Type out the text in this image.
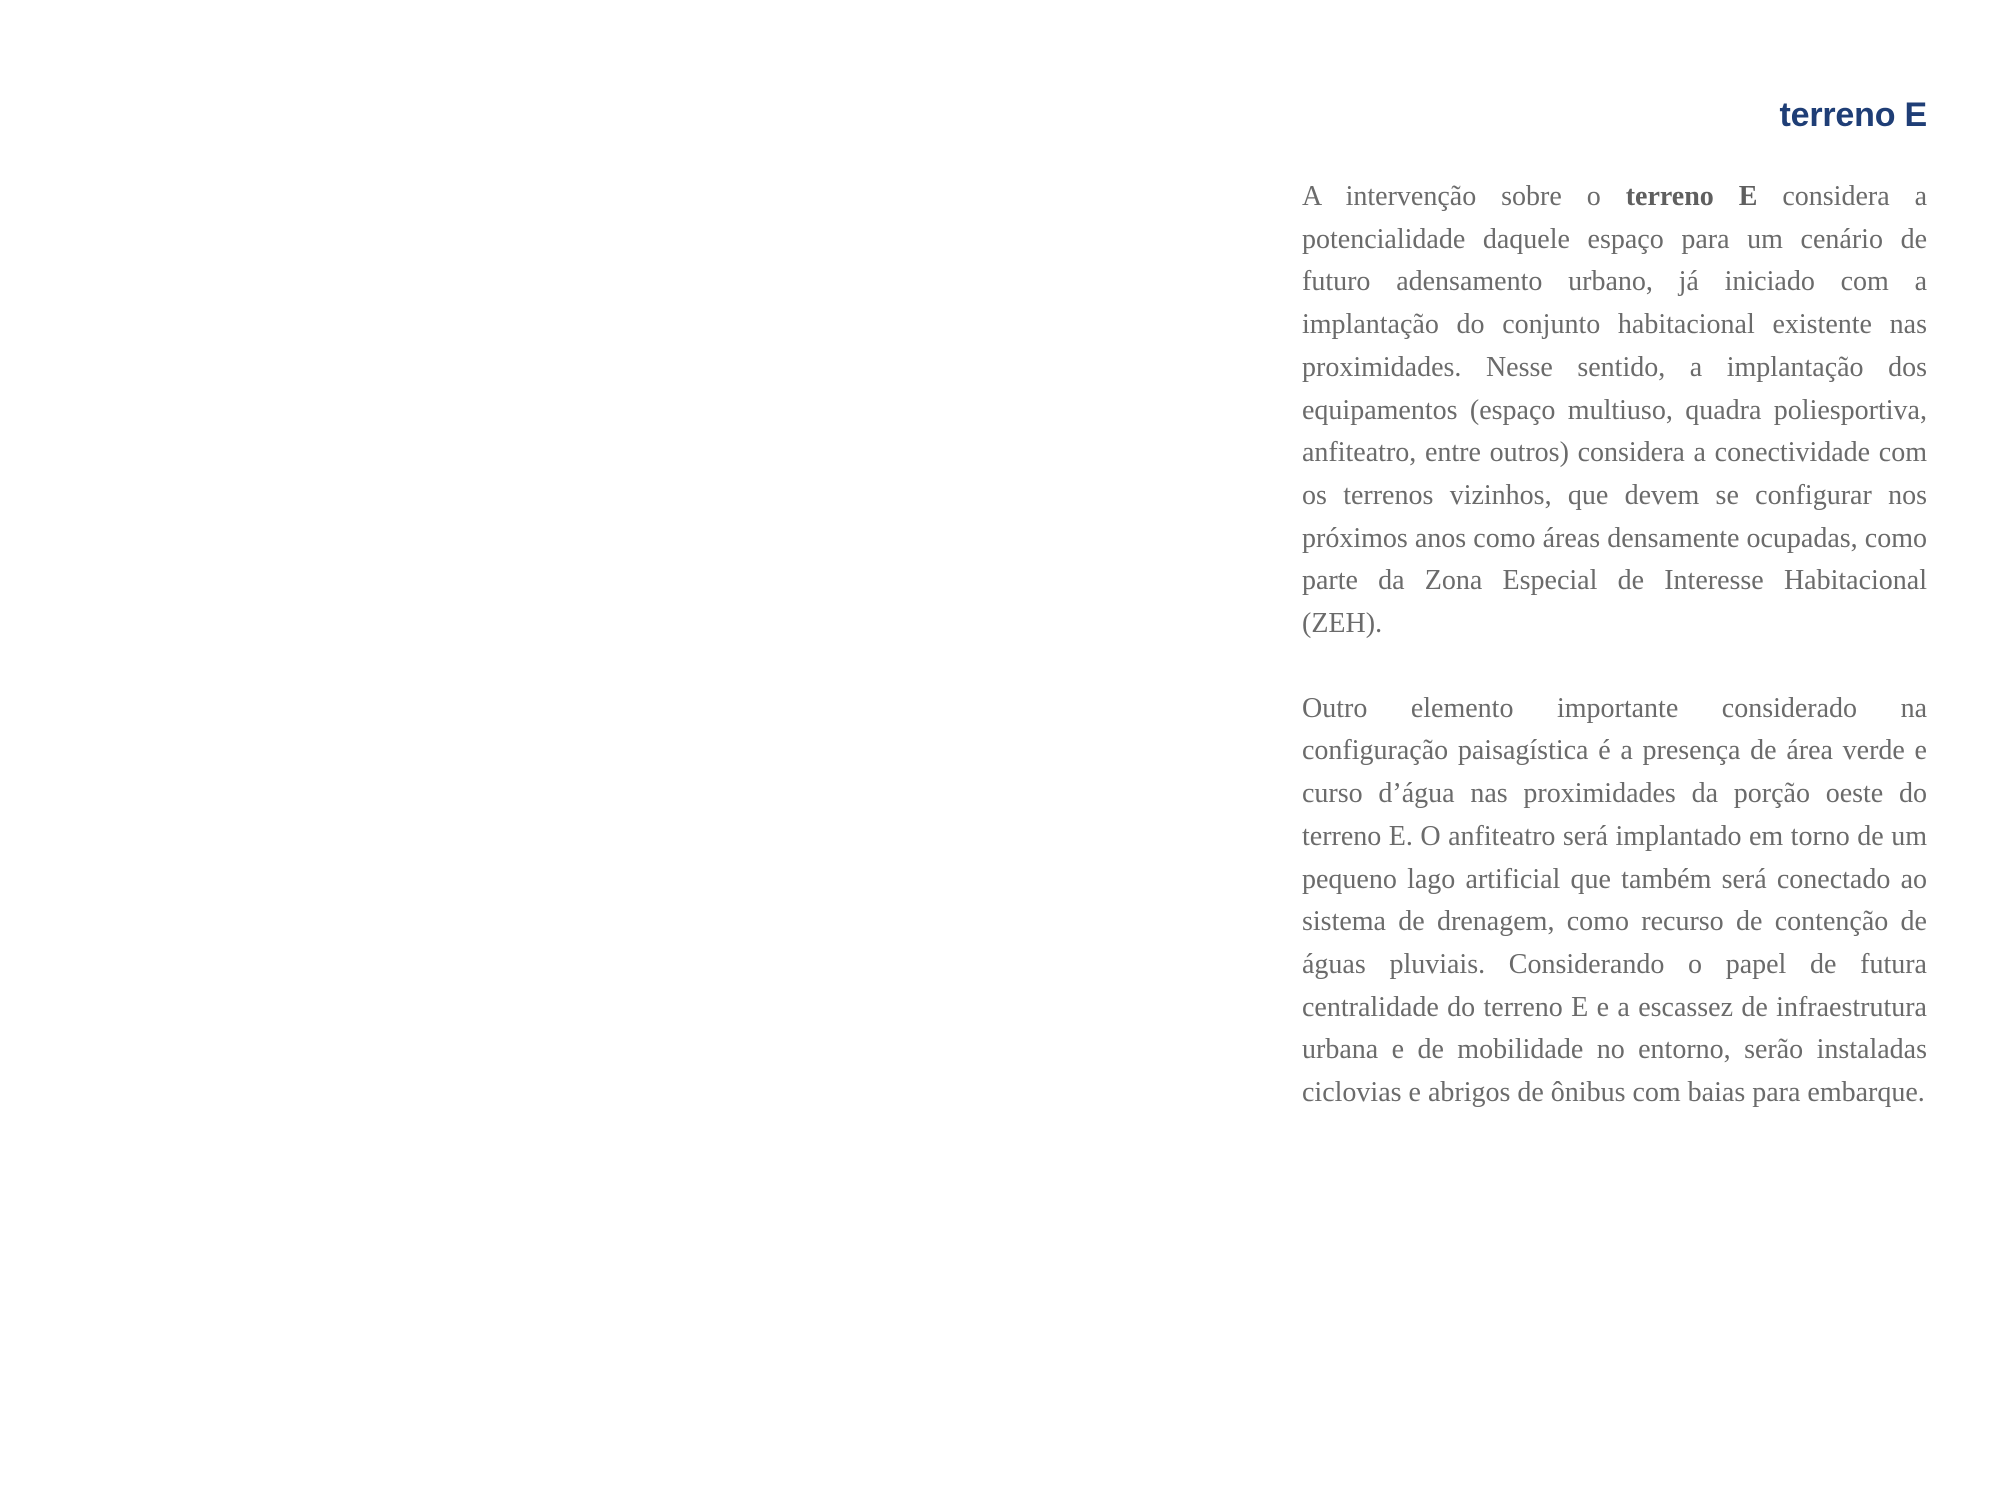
terreno E

A intervenção sobre o terreno E considera a potencialidade daquele espaço para um cenário de futuro adensamento urbano, já iniciado com a implantação do conjunto habitacional existente nas proximidades. Nesse sentido, a implantação dos equipamentos (espaço multiuso, quadra poliesportiva, anfiteatro, entre outros) considera a conectividade com os terrenos vizinhos, que devem se configurar nos próximos anos como áreas densamente ocupadas, como parte da Zona Especial de Interesse Habitacional (ZEH).

Outro elemento importante considerado na configuração paisagística é a presença de área verde e curso d’água nas proximidades da porção oeste do terreno E. O anfiteatro será implantado em torno de um pequeno lago artificial que também será conectado ao sistema de drenagem, como recurso de contenção de águas pluviais. Considerando o papel de futura centralidade do terreno E e a escassez de infraestrutura urbana e de mobilidade no entorno, serão instaladas ciclovias e abrigos de ônibus com baias para embarque.
